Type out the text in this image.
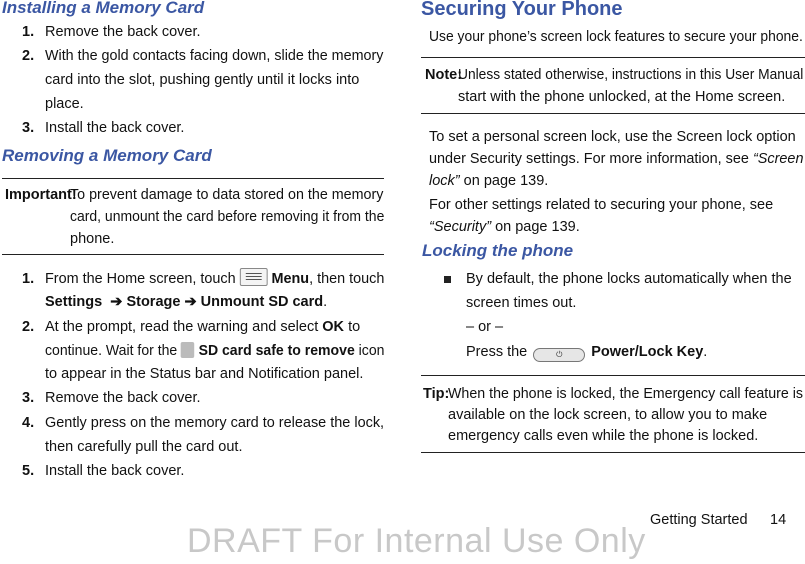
Installing a Memory Card
1. Remove the back cover.
2. With the gold contacts facing down, slide the memory
card into the slot, pushing gently until it locks into
place.
3. Install the back cover.
Removing a Memory Card
Important!
To prevent damage to data stored on the memory
card, unmount the card before removing it from the
phone.
1. From the Home screen, touch Menu, then touch
Settings ➔ Storage ➔ Unmount SD card.
2. At the prompt, read the warning and select OK to
continue. Wait for the SD card safe to remove icon
to appear in the Status bar and Notification panel.
3. Remove the back cover.
4. Gently press on the memory card to release the lock,
then carefully pull the card out.
5. Install the back cover.
Securing Your Phone
Use your phone’s screen lock features to secure your phone.
Note:
Unless stated otherwise, instructions in this User Manual
start with the phone unlocked, at the Home screen.
To set a personal screen lock, use the Screen lock option
under Security settings. For more information, see “Screen
lock” on page 139.
For other settings related to securing your phone, see
“Security” on page 139.
Locking the phone
By default, the phone locks automatically when the
screen times out.
– or –
Press the	⏻ Power/Lock Key.
Tip:
When the phone is locked, the Emergency call feature is
available on the lock screen, to allow you to make
emergency calls even while the phone is locked.
Getting Started 14
DRAFT For Internal Use Only
